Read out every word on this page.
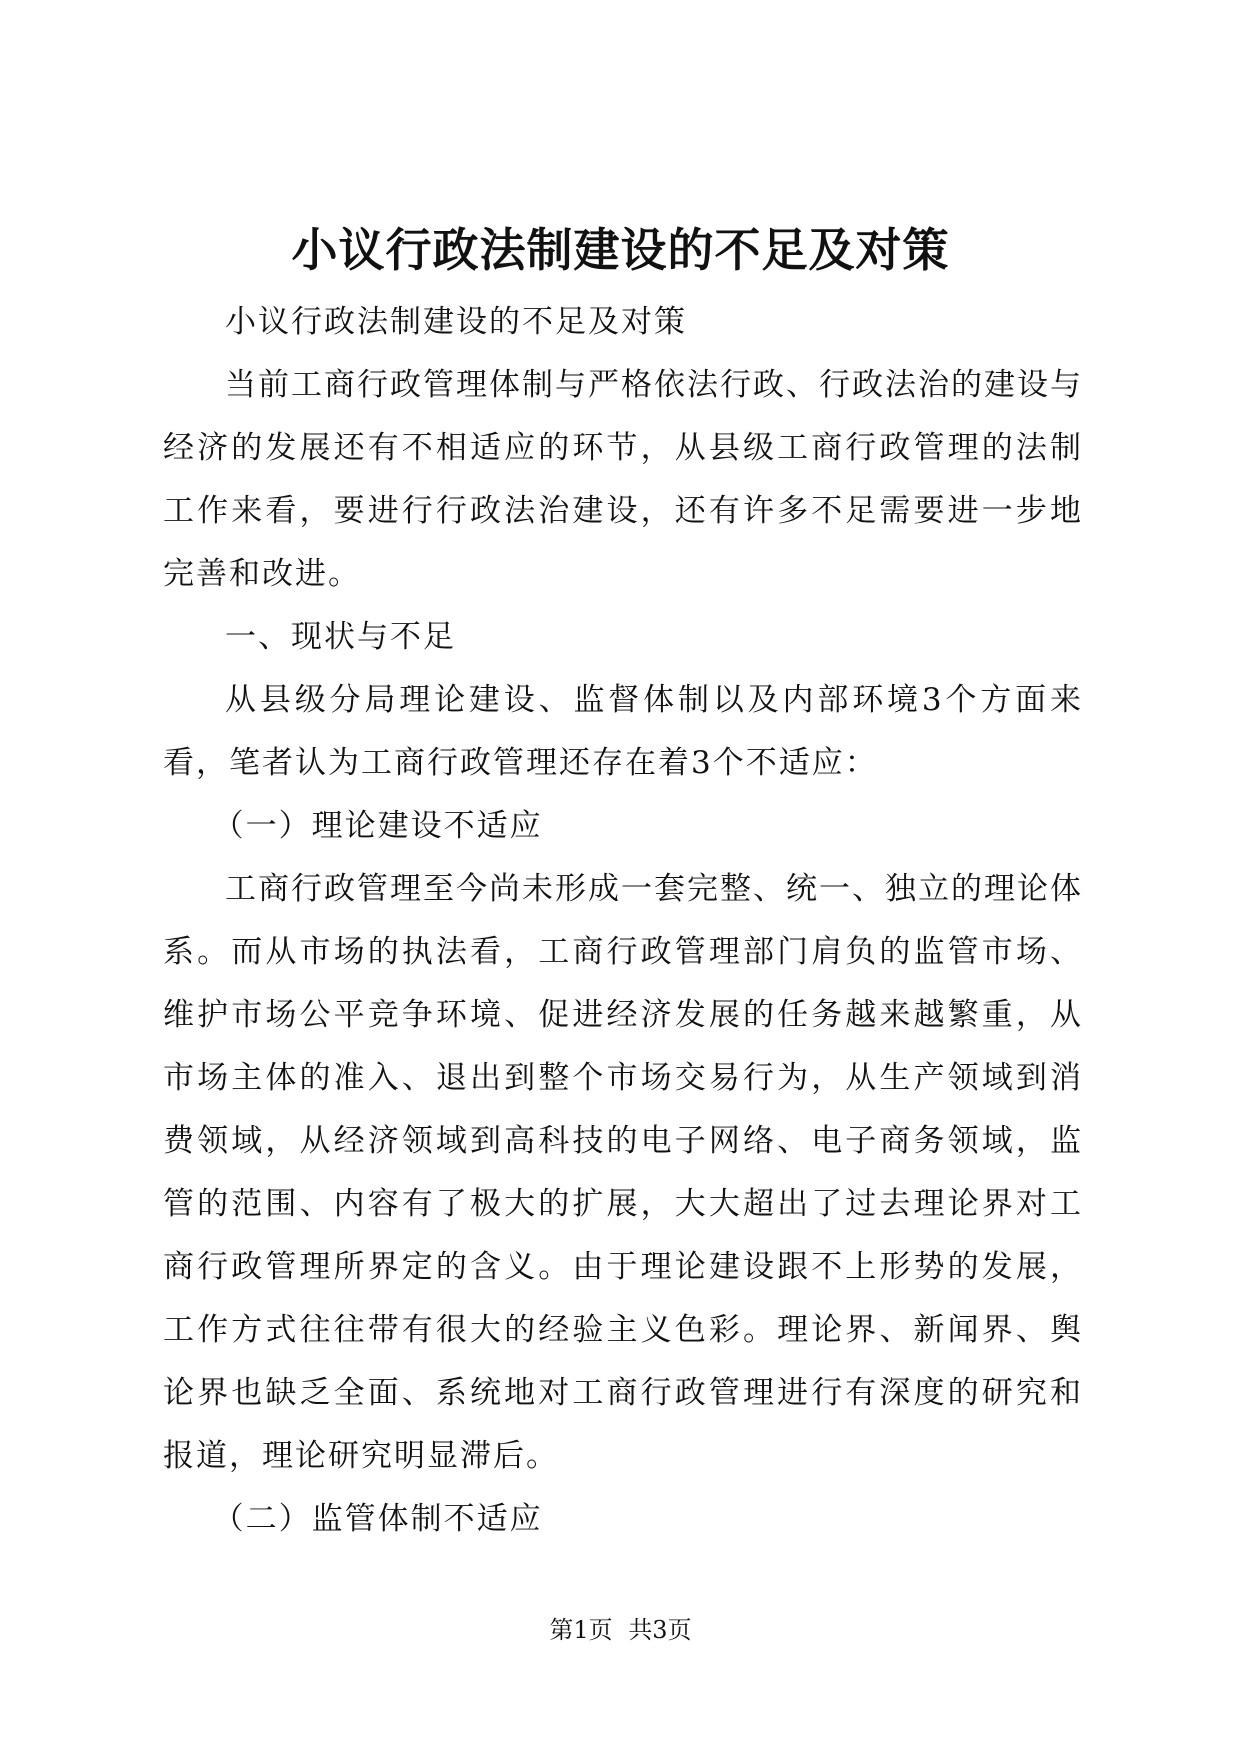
小议行政法制建设的不足及对策

小议行政法制建设的不足及对策

当前工商行政管理体制与严格依法行政、行政法治的建设与经济的发展还有不相适应的环节，从县级工商行政管理的法制工作来看，要进行行政法治建设，还有许多不足需要进一步地完善和改进。

一、现状与不足

从县级分局理论建设、监督体制以及内部环境3个方面来看，笔者认为工商行政管理还存在着3个不适应：

（一）理论建设不适应

工商行政管理至今尚未形成一套完整、统一、独立的理论体系。而从市场的执法看，工商行政管理部门肩负的监管市场、维护市场公平竞争环境、促进经济发展的任务越来越繁重，从市场主体的准入、退出到整个市场交易行为，从生产领域到消费领域，从经济领域到高科技的电子网络、电子商务领域，监管的范围、内容有了极大的扩展，大大超出了过去理论界对工商行政管理所界定的含义。由于理论建设跟不上形势的发展，工作方式往往带有很大的经验主义色彩。理论界、新闻界、舆论界也缺乏全面、系统地对工商行政管理进行有深度的研究和报道，理论研究明显滞后。

（二）监管体制不适应

第1页 共3页
